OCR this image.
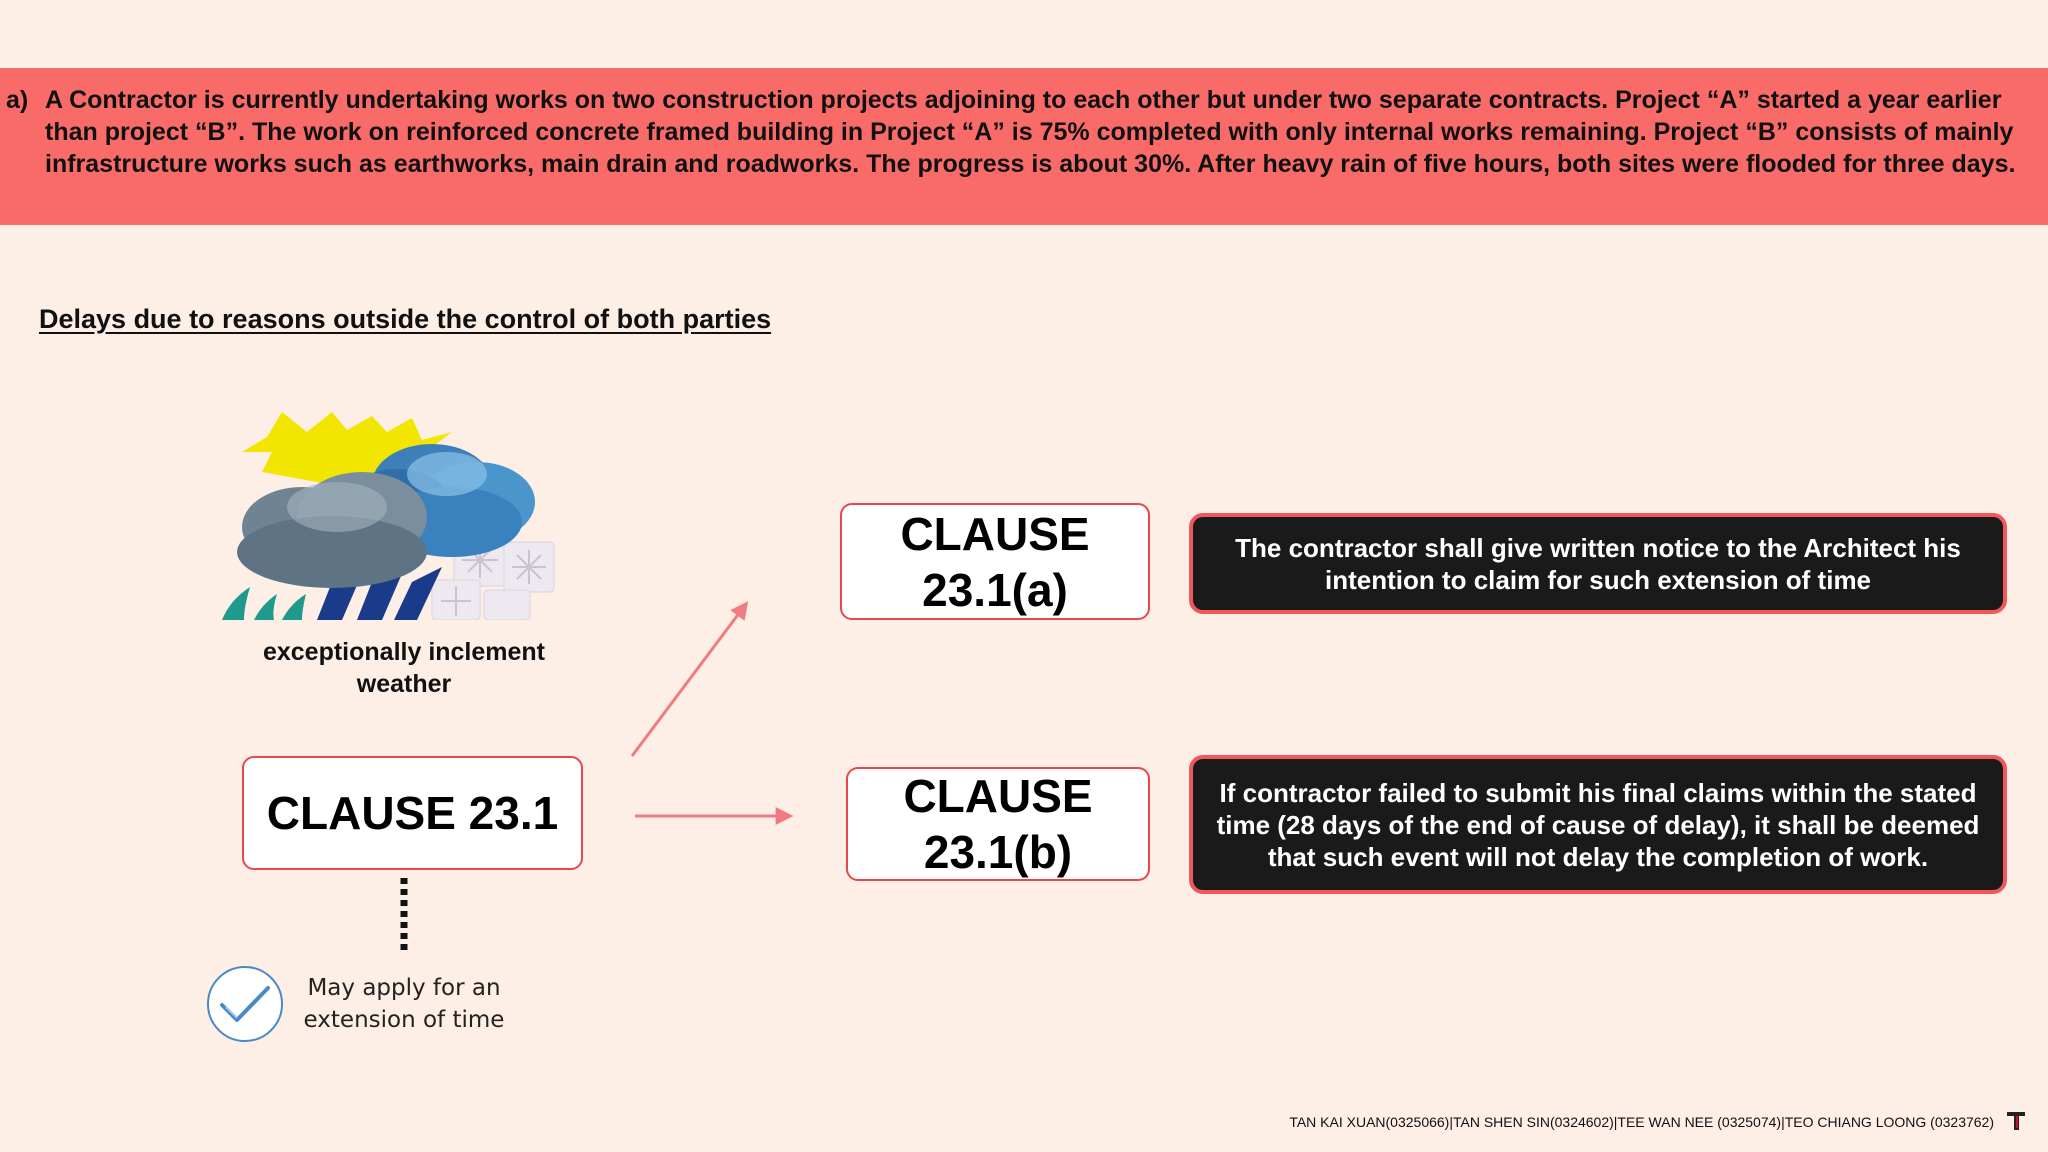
a) A Contractor is currently undertaking works on two construction projects adjoining to each other but under two separate contracts. Project “A” started a year earlier than project “B”. The work on reinforced concrete framed building in Project “A” is 75% completed with only internal works remaining. Project “B” consists of mainly infrastructure works such as earthworks, main drain and roadworks. The progress is about 30%. After heavy rain of five hours, both sites were flooded for three days.
Delays due to reasons outside the control of both parties
exceptionally inclement weather
CLAUSE 23.1
CLAUSE 23.1(a)
CLAUSE 23.1(b)
The contractor shall give written notice to the Architect his intention to claim for such extension of time
If contractor failed to submit his final claims within the stated time (28 days of the end of cause of delay), it shall be deemed that such event will not delay the completion of work.
May apply for an extension of time
TAN KAI XUAN(0325066)|TAN SHEN SIN(0324602)|TEE WAN NEE (0325074)|TEO CHIANG LOONG (0323762)
